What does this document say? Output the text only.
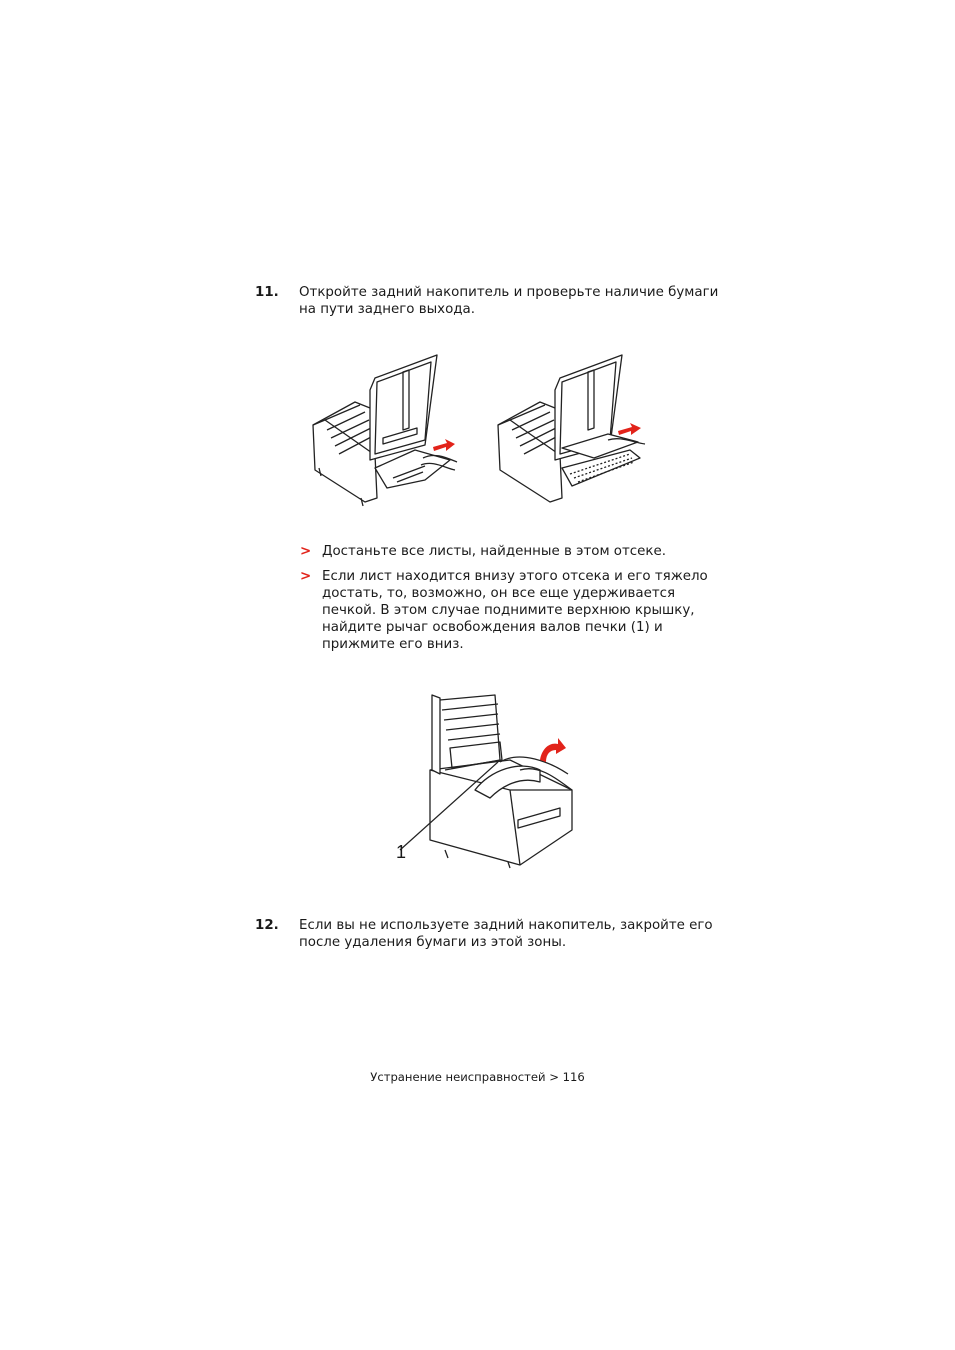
11. Откройте задний накопитель и проверьте наличие бумаги на пути заднего выхода.
> Достаньте все листы, найденные в этом отсеке.
> Если лист находится внизу этого отсека и его тяжело достать, то, возможно, он все еще удерживается печкой. В этом случае поднимите верхнюю крышку, найдите рычаг освобождения валов печки (1) и прижмите его вниз.
1
12. Если вы не используете задний накопитель, закройте его после удаления бумаги из этой зоны.
Устранение неисправностей > 116
